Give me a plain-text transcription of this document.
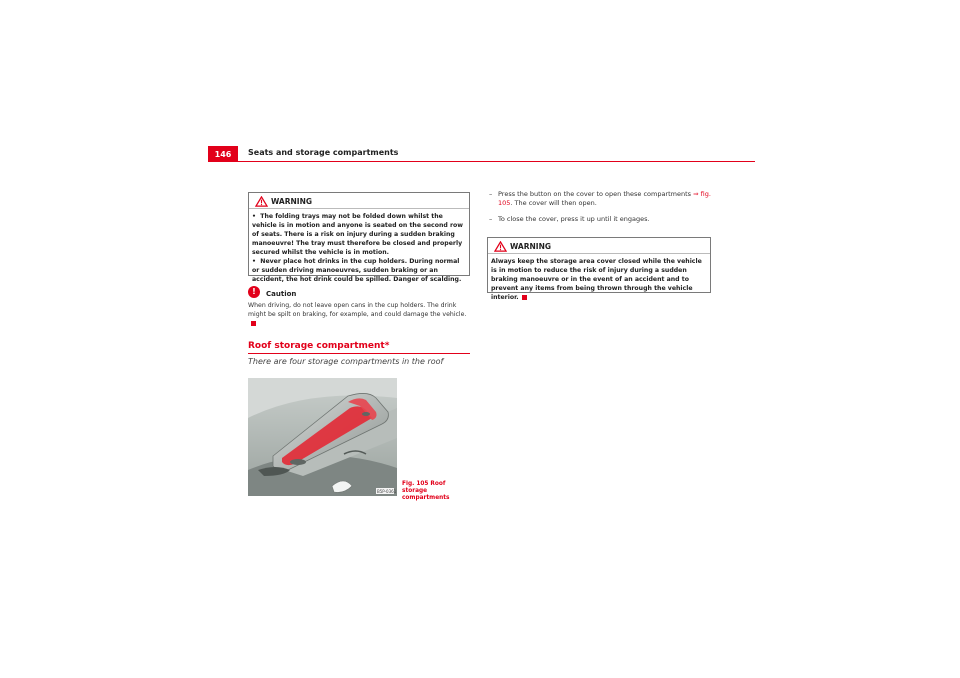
146	Seats and storage compartments
WARNING

•  The folding trays may not be folded down whilst the vehicle is in motion and anyone is seated on the second row of seats. There is a risk on injury during a sudden braking manoeuvre! The tray must therefore be closed and properly secured whilst the vehicle is in motion.

•  Never place hot drinks in the cup holders. During normal or sudden driving manoeuvres, sudden braking or an accident, the hot drink could be spilled. Danger of scalding.

!	Caution
When driving, do not leave open cans in the cup holders. The drink might be spilt on braking, for example, and could damage the vehicle.
Roof storage compartment*
There are four storage compartments in the roof
B5P-0361
Fig. 105 Roof storage compartments
– Press the button on the cover to open these compartments ⇒ fig. 105. The cover will then open.
– To close the cover, press it up until it engages.
WARNING
Always keep the storage area cover closed while the vehicle is in motion to reduce the risk of injury during a sudden braking manoeuvre or in the event of an accident and to prevent any items from being thrown through the vehicle interior.
